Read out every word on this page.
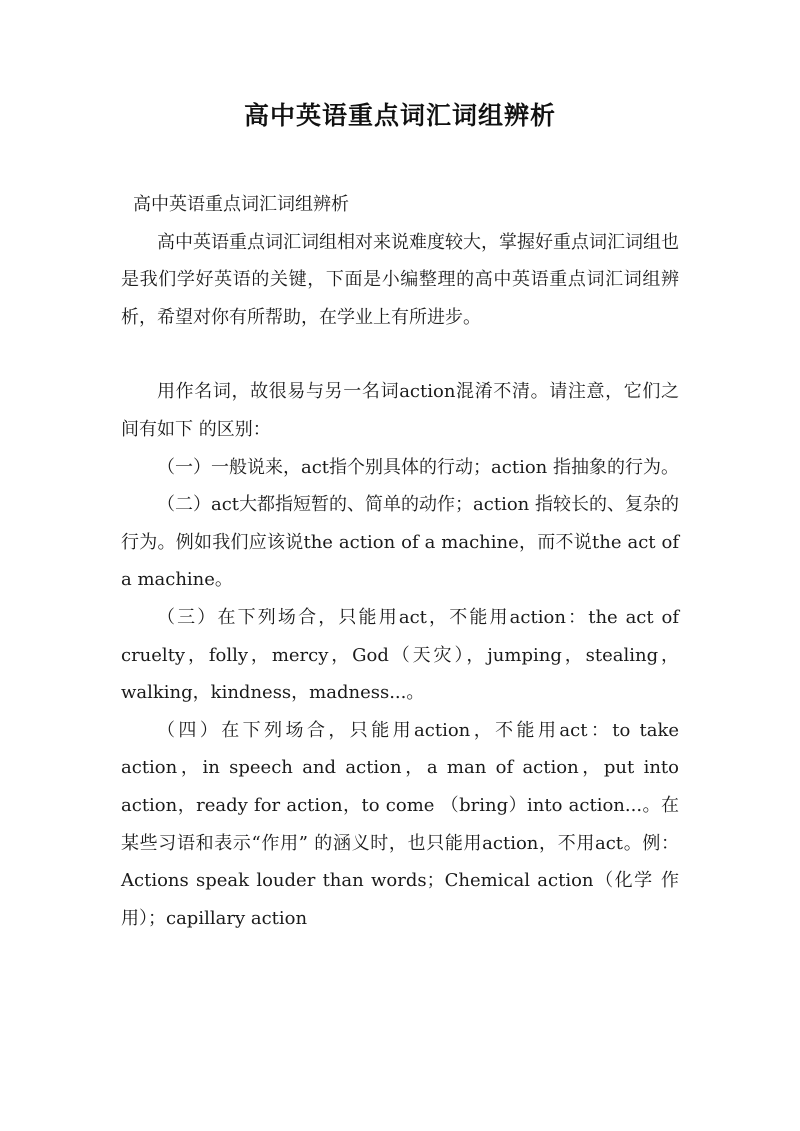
高中英语重点词汇词组辨析

高中英语重点词汇词组辨析

高中英语重点词汇词组相对来说难度较大，掌握好重点词汇词组也是我们学好英语的关键，下面是小编整理的高中英语重点词汇词组辨析，希望对你有所帮助，在学业上有所进步。

用作名词，故很易与另一名词action混淆不清。请注意，它们之间有如下 的区别：

（一）一般说来，act指个别具体的行动；action 指抽象的行为。

（二）act大都指短暂的、简单的动作；action 指较长的、复杂的行为。例如我们应该说the action of a machine，而不说the act of a machine。

（三）在下列场合，只能用act，不能用action：the act of cruelty，folly，mercy，God（天灾），jumping，stealing，walking，kindness，madness...。

（四）在下列场合，只能用action，不能用act：to take action，in speech and action，a man of action，put into action，ready for action，to come （bring）into action...。在某些习语和表示“作用” 的涵义时，也只能用action，不用act。例：Actions speak louder than words；Chemical action（化学 作用）；capillary action
